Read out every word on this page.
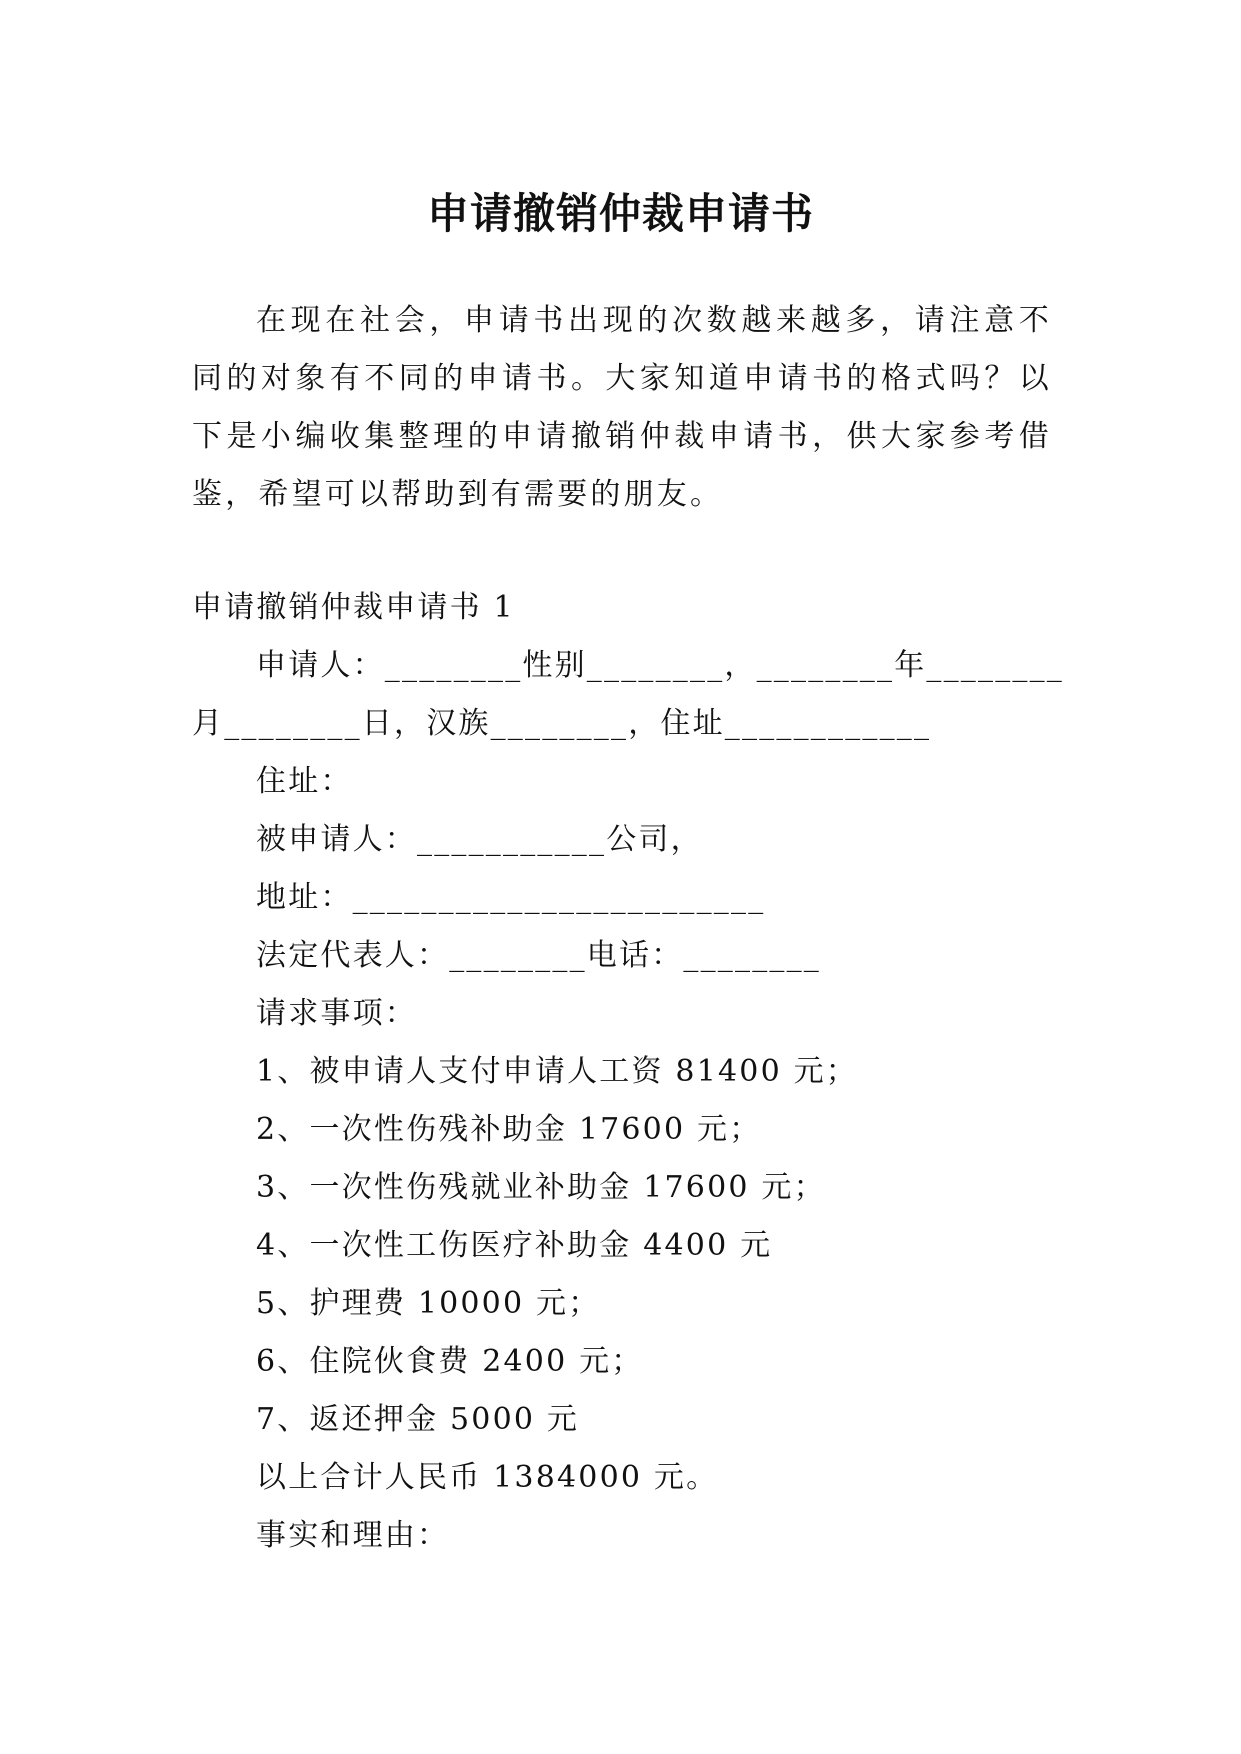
申请撤销仲裁申请书

在现在社会，申请书出现的次数越来越多，请注意不同的对象有不同的申请书。大家知道申请书的格式吗？以下是小编收集整理的申请撤销仲裁申请书，供大家参考借鉴，希望可以帮助到有需要的朋友。

申请撤销仲裁申请书 1

申请人：________性别________，________年________

月________日，汉族________，住址____________

住址：

被申请人：___________公司，

地址：________________________

法定代表人：________电话：________

请求事项：

1、被申请人支付申请人工资 81400 元；

2、一次性伤残补助金 17600 元；

3、一次性伤残就业补助金 17600 元；

4、一次性工伤医疗补助金 4400 元

5、护理费 10000 元；

6、住院伙食费 2400 元；

7、返还押金 5000 元

以上合计人民币 1384000 元。

事实和理由：
